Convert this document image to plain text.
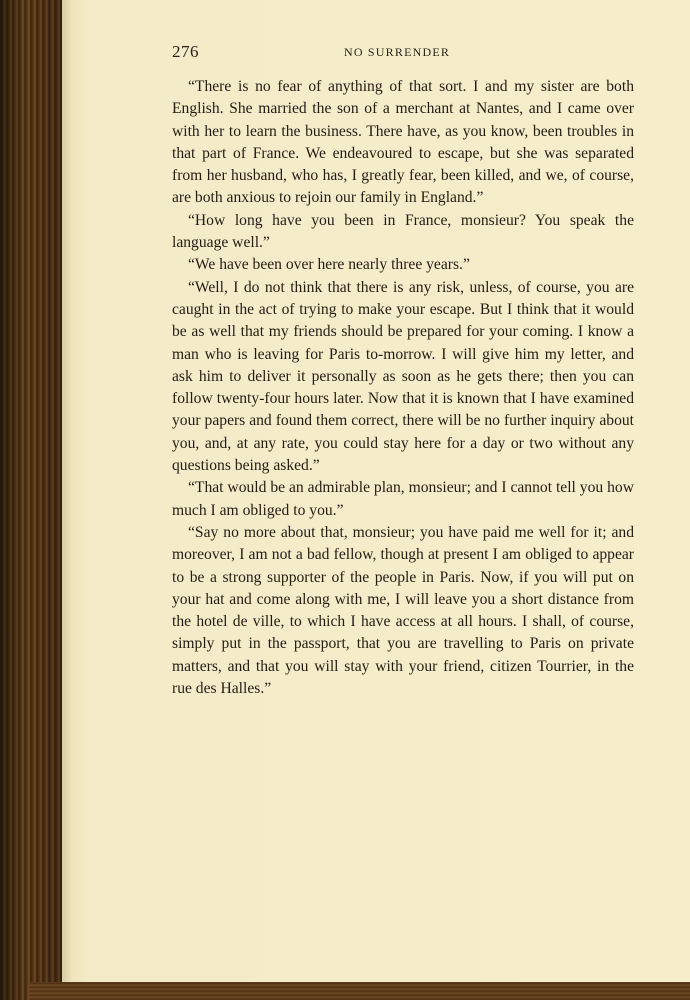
276	NO SURRENDER

“There is no fear of anything of that sort. I and my sister are both English. She married the son of a merchant at Nantes, and I came over with her to learn the business. There have, as you know, been troubles in that part of France. We endeavoured to escape, but she was separated from her husband, who has, I greatly fear, been killed, and we, of course, are both anxious to rejoin our family in England.”

“How long have you been in France, monsieur? You speak the language well.”

“We have been over here nearly three years.”

“Well, I do not think that there is any risk, unless, of course, you are caught in the act of trying to make your escape. But I think that it would be as well that my friends should be prepared for your coming. I know a man who is leaving for Paris to-morrow. I will give him my letter, and ask him to deliver it personally as soon as he gets there; then you can follow twenty-four hours later. Now that it is known that I have examined your papers and found them correct, there will be no further inquiry about you, and, at any rate, you could stay here for a day or two without any questions being asked.”

“That would be an admirable plan, monsieur; and I cannot tell you how much I am obliged to you.”

“Say no more about that, monsieur; you have paid me well for it; and moreover, I am not a bad fellow, though at present I am obliged to appear to be a strong supporter of the people in Paris. Now, if you will put on your hat and come along with me, I will leave you a short distance from the hotel de ville, to which I have access at all hours. I shall, of course, simply put in the passport, that you are travelling to Paris on private matters, and that you will stay with your friend, citizen Tourrier, in the rue des Halles.”
